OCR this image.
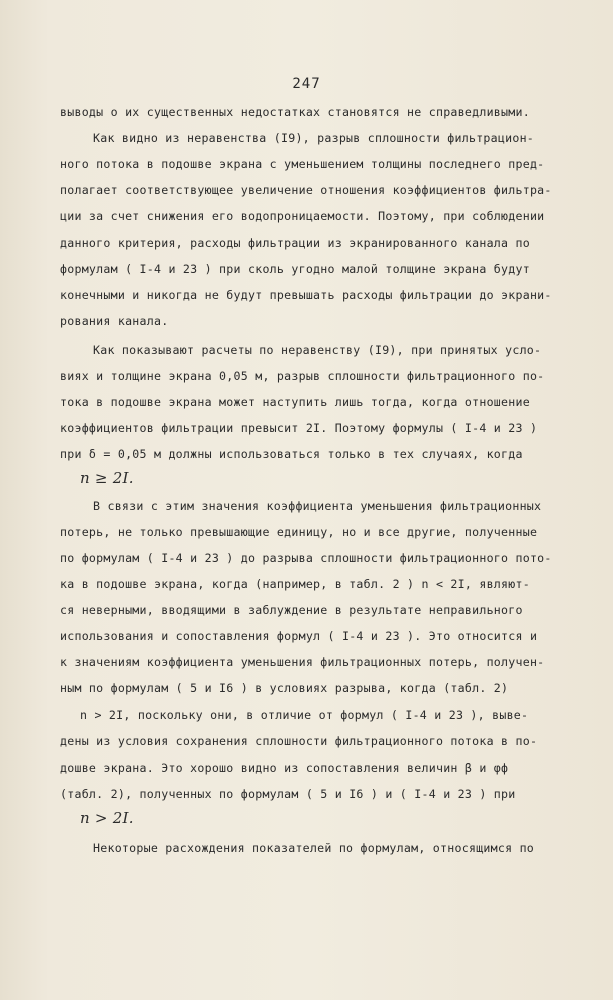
247
выводы о их существенных недостатках становятся не справедливыми.
Как видно из неравенства (I9), разрыв сплошности фильтрацион-
ного потока в подошве экрана с уменьшением толщины последнего пред-
полагает соответствующее увеличение отношения коэффициентов фильтра-
ции за счет снижения его водопроницаемости. Поэтому, при соблюдении
данного критерия, расходы фильтрации из экранированного канала по
формулам ( I-4 и 23 ) при сколь угодно малой толщине экрана будут
конечными и никогда не будут превышать расходы фильтрации до экрани-
рования канала.
Как показывают расчеты по неравенству (I9), при принятых усло-
виях и толщине экрана 0,05 м, разрыв сплошности фильтрационного по-
тока в подошве экрана может наступить лишь тогда, когда отношение
коэффициентов фильтрации превысит 2I. Поэтому формулы ( I-4 и 23 )
при δ = 0,05 м должны использоваться только в тех случаях, когда
n ≥ 2I.
В связи с этим значения коэффициента уменьшения фильтрационных
потерь, не только превышающие единицу, но и все другие, полученные
по формулам ( I-4 и 23 ) до разрыва сплошности фильтрационного пото-
ка в подошве экрана, когда (например, в табл. 2 ) n < 2I, являют-
ся неверными, вводящими в заблуждение в результате неправильного
использования и сопоставления формул ( I-4 и 23 ). Это относится и
к значениям коэффициента уменьшения фильтрационных потерь, получен-
ным по формулам ( 5 и I6 ) в условиях разрыва, когда (табл. 2)
n > 2I, поскольку они, в отличие от формул ( I-4 и 23 ), выве-
дены из условия сохранения сплошности фильтрационного потока в по-
дошве экрана. Это хорошо видно из сопоставления величин β и φф
(табл. 2), полученных по формулам ( 5 и I6 ) и ( I-4 и 23 ) при
n > 2I.
Некоторые расхождения показателей по формулам, относящимся по
